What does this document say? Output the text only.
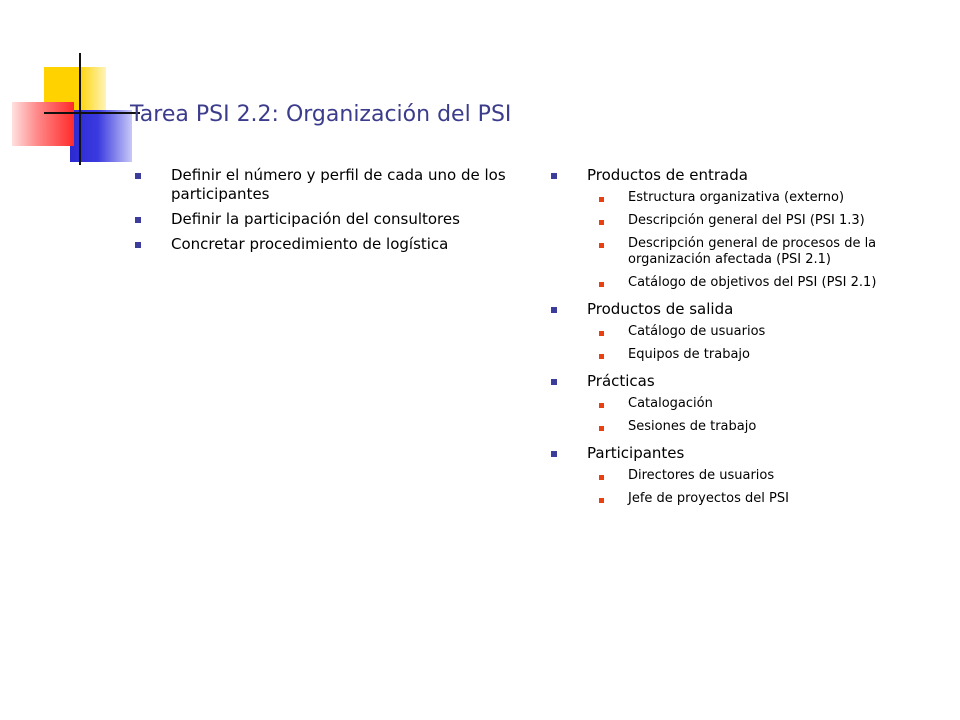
Tarea PSI 2.2: Organización del PSI
Definir el número y perfil de cada uno de los participantes
Definir la participación del consultores
Concretar procedimiento de logística
Productos de entrada
Estructura organizativa (externo)
Descripción general del PSI (PSI 1.3)
Descripción general de procesos de la organización afectada (PSI 2.1)
Catálogo de objetivos del PSI (PSI 2.1)
Productos de salida
Catálogo de usuarios
Equipos de trabajo
Prácticas
Catalogación
Sesiones de trabajo
Participantes
Directores de usuarios
Jefe de proyectos del PSI
